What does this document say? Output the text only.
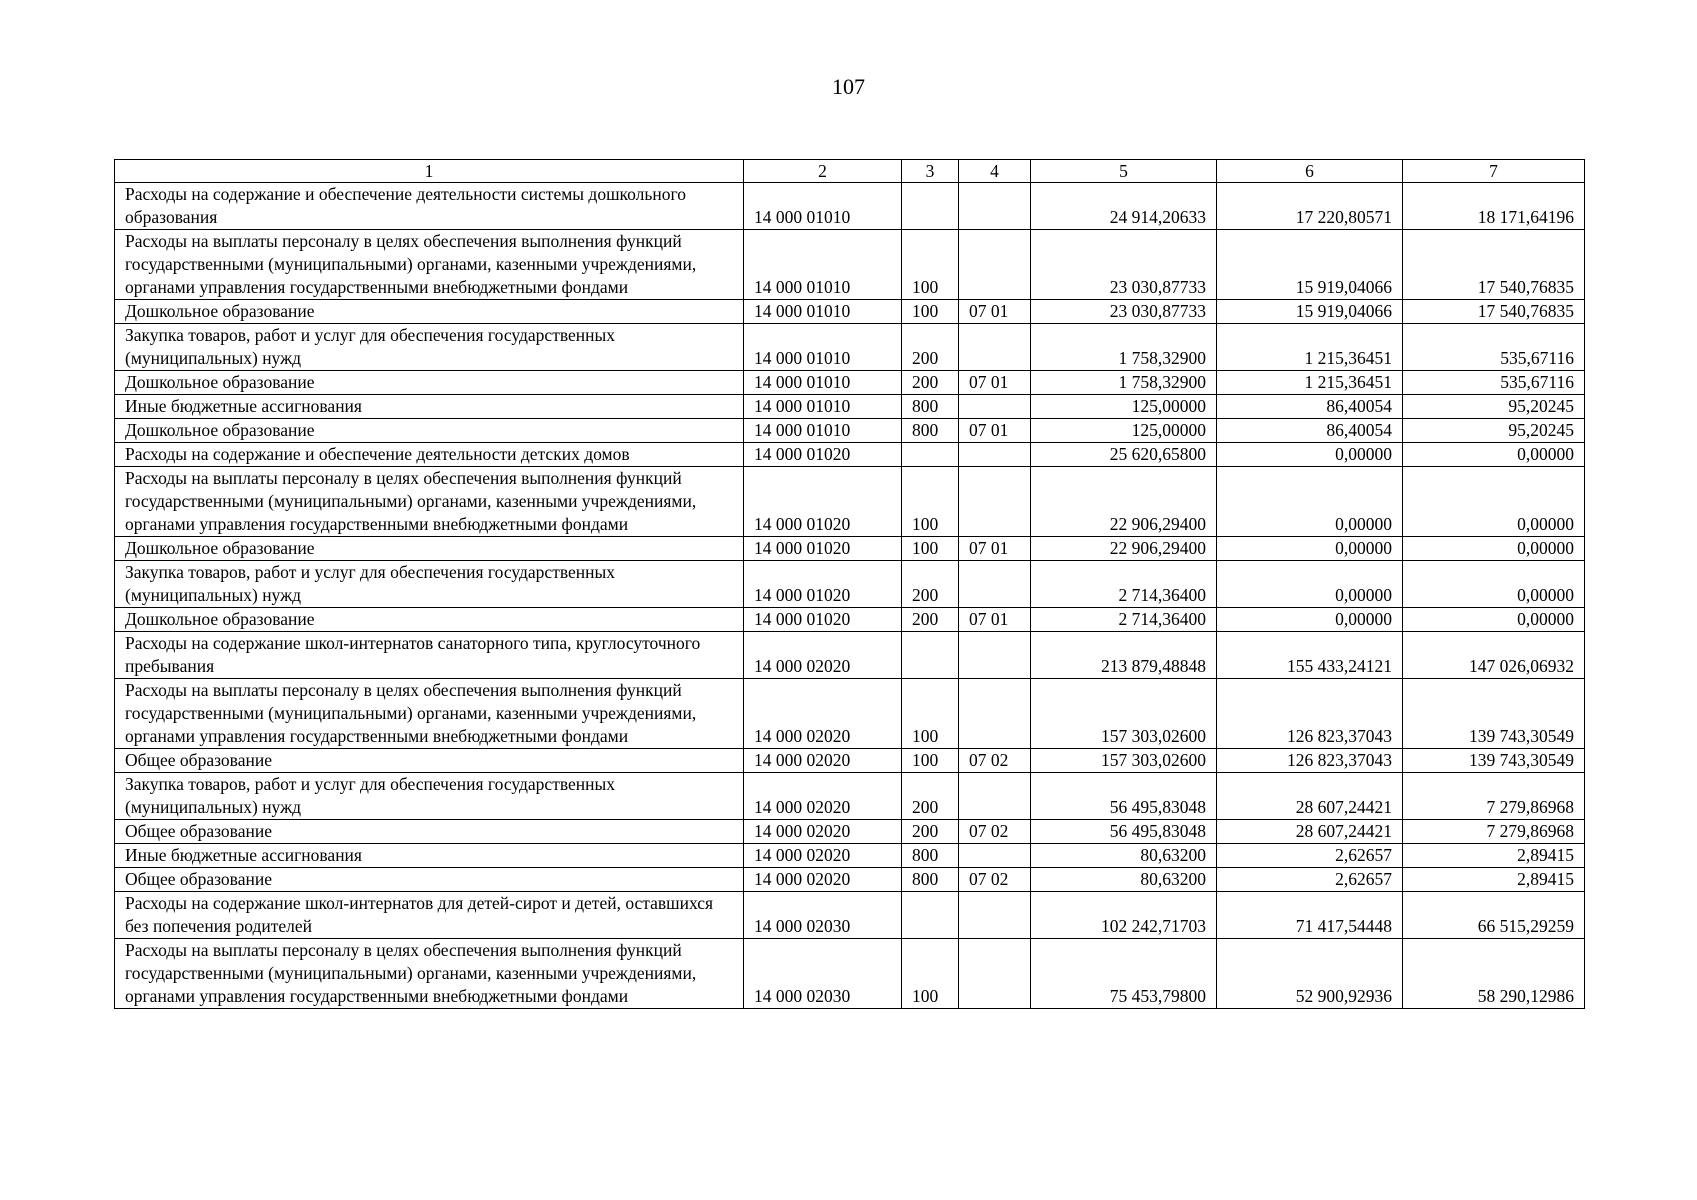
107
1	2	3	4	5	6	7
Расходы на содержание и обеспечение деятельности системы дошкольного образования	14 000 01010			24 914,20633	17 220,80571	18 171,64196
Расходы на выплаты персоналу в целях обеспечения выполнения функций государственными (муниципальными) органами, казенными учреждениями, органами управления государственными внебюджетными фондами	14 000 01010	100		23 030,87733	15 919,04066	17 540,76835
Дошкольное образование	14 000 01010	100	07 01	23 030,87733	15 919,04066	17 540,76835
Закупка товаров, работ и услуг для обеспечения государственных (муниципальных) нужд	14 000 01010	200		1 758,32900	1 215,36451	535,67116
Дошкольное образование	14 000 01010	200	07 01	1 758,32900	1 215,36451	535,67116
Иные бюджетные ассигнования	14 000 01010	800		125,00000	86,40054	95,20245
Дошкольное образование	14 000 01010	800	07 01	125,00000	86,40054	95,20245
Расходы на содержание и обеспечение деятельности детских домов	14 000 01020			25 620,65800	0,00000	0,00000
Расходы на выплаты персоналу в целях обеспечения выполнения функций государственными (муниципальными) органами, казенными учреждениями, органами управления государственными внебюджетными фондами	14 000 01020	100		22 906,29400	0,00000	0,00000
Дошкольное образование	14 000 01020	100	07 01	22 906,29400	0,00000	0,00000
Закупка товаров, работ и услуг для обеспечения государственных (муниципальных) нужд	14 000 01020	200		2 714,36400	0,00000	0,00000
Дошкольное образование	14 000 01020	200	07 01	2 714,36400	0,00000	0,00000
Расходы на содержание школ-интернатов санаторного типа, круглосуточного пребывания	14 000 02020			213 879,48848	155 433,24121	147 026,06932
Расходы на выплаты персоналу в целях обеспечения выполнения функций государственными (муниципальными) органами, казенными учреждениями, органами управления государственными внебюджетными фондами	14 000 02020	100		157 303,02600	126 823,37043	139 743,30549
Общее образование	14 000 02020	100	07 02	157 303,02600	126 823,37043	139 743,30549
Закупка товаров, работ и услуг для обеспечения государственных (муниципальных) нужд	14 000 02020	200		56 495,83048	28 607,24421	7 279,86968
Общее образование	14 000 02020	200	07 02	56 495,83048	28 607,24421	7 279,86968
Иные бюджетные ассигнования	14 000 02020	800		80,63200	2,62657	2,89415
Общее образование	14 000 02020	800	07 02	80,63200	2,62657	2,89415
Расходы на содержание школ-интернатов для детей-сирот и детей, оставшихся без попечения родителей	14 000 02030			102 242,71703	71 417,54448	66 515,29259
Расходы на выплаты персоналу в целях обеспечения выполнения функций государственными (муниципальными) органами, казенными учреждениями, органами управления государственными внебюджетными фондами	14 000 02030	100		75 453,79800	52 900,92936	58 290,12986
